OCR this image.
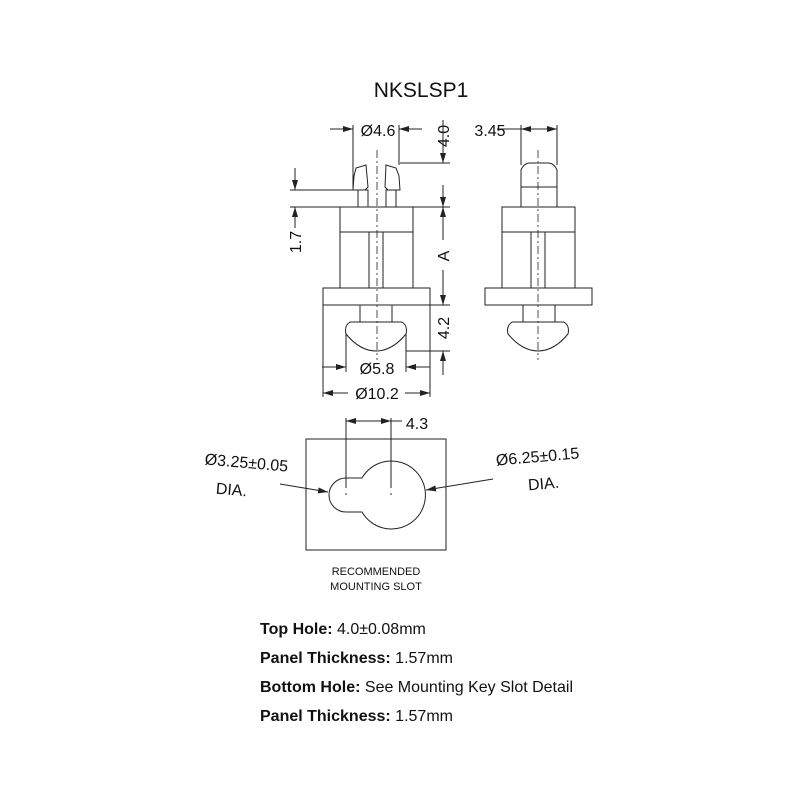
NKSLSP1
Ø4.6	4.0
A
4.2
1.7
Ø5.8
Ø10.2
3.45
4.3
Ø3.25±0.05
DIA.
Ø6.25±0.15
DIA.
RECOMMENDED
MOUNTING SLOT
Top Hole: 4.0±0.08mm
Panel Thickness: 1.57mm
Bottom Hole: See Mounting Key Slot Detail
Panel Thickness: 1.57mm
